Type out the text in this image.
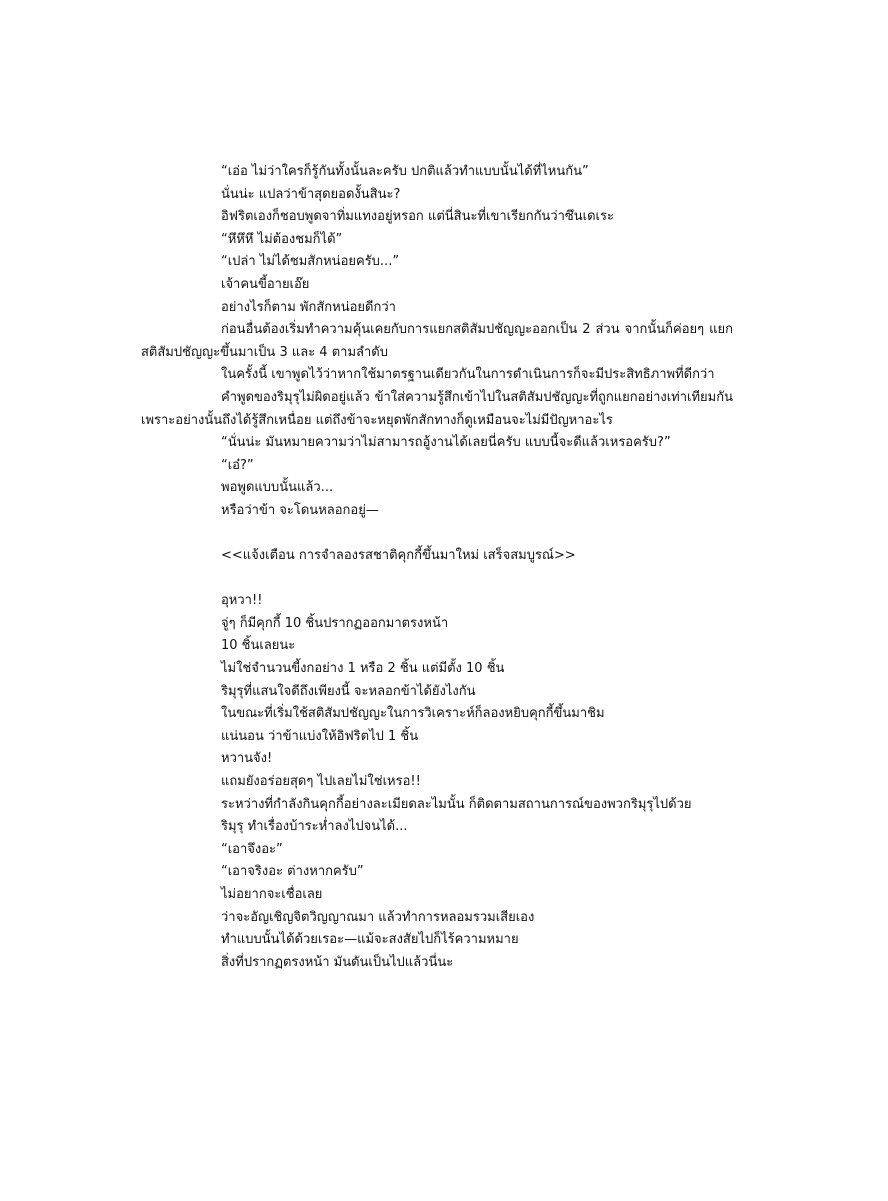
“เอ่อ ไม่ว่าใครก็รู้กันทั้งนั้นละครับ ปกติแล้วทำแบบนั้นได้ที่ไหนกัน”

นั่นน่ะ แปลว่าข้าสุดยอดงั้นสินะ?

อิฟริตเองก็ชอบพูดจาทิ่มแทงอยู่หรอก แต่นี่สินะที่เขาเรียกกันว่าซึนเดเระ

“หึหึหึ ไม่ต้องชมก็ได้”

“เปล่า ไม่ได้ชมสักหน่อยครับ...”

เจ้าคนขี้อายเอ๊ย

อย่างไรก็ตาม พักสักหน่อยดีกว่า

ก่อนอื่นต้องเริ่มทำความคุ้นเคยกับการแยกสติสัมปชัญญะออกเป็น 2 ส่วน จากนั้นก็ค่อยๆ แยกสติสัมปชัญญะขึ้นมาเป็น 3 และ 4 ตามลำดับ

ในครั้งนี้ เขาพูดไว้ว่าหากใช้มาตรฐานเดียวกันในการดำเนินการก็จะมีประสิทธิภาพที่ดีกว่า

คำพูดของริมุรุไม่ผิดอยู่แล้ว ข้าใส่ความรู้สึกเข้าไปในสติสัมปชัญญะที่ถูกแยกอย่างเท่าเทียมกัน เพราะอย่างนั้นถึงได้รู้สึกเหนื่อย แต่ถึงข้าจะหยุดพักสักทางก็ดูเหมือนจะไม่มีปัญหาอะไร

“นั่นน่ะ มันหมายความว่าไม่สามารถอู้งานได้เลยนี่ครับ แบบนี้จะดีแล้วเหรอครับ?”

“เอ๋?”

พอพูดแบบนั้นแล้ว...

หรือว่าข้า จะโดนหลอกอยู่—

<<แจ้งเตือน การจำลองรสชาติคุกกี้ขึ้นมาใหม่ เสร็จสมบูรณ์>>

อุหวา!!

จู่ๆ ก็มีคุกกี้ 10 ชิ้นปรากฏออกมาตรงหน้า

10 ชิ้นเลยนะ

ไม่ใช่จำนวนขี้งกอย่าง 1 หรือ 2 ชิ้น แต่มีตั้ง 10 ชิ้น

ริมุรุที่แสนใจดีถึงเพียงนี้ จะหลอกข้าได้ยังไงกัน

ในขณะที่เริ่มใช้สติสัมปชัญญะในการวิเคราะห์ก็ลองหยิบคุกกี้ขึ้นมาชิม

แน่นอน ว่าข้าแบ่งให้อิฟริตไป 1 ชิ้น

หวานจัง!

แถมยังอร่อยสุดๆ ไปเลยไม่ใช่เหรอ!!

ระหว่างที่กำลังกินคุกกี้อย่างละเมียดละไมนั้น ก็ติดตามสถานการณ์ของพวกริมุรุไปด้วย

ริมุรุ ทำเรื่องบ้าระห่ำลงไปจนได้...

“เอาจึงอะ”

“เอาจริงอะ ต่างหากครับ”

ไม่อยากจะเชื่อเลย

ว่าจะอัญเชิญจิตวิญญาณมา แล้วทำการหลอมรวมเสียเอง

ทำแบบนั้นได้ด้วยเรอะ—แม้จะสงสัยไปก็ไร้ความหมาย

สิ่งที่ปรากฏตรงหน้า มันดันเป็นไปแล้วนี่นะ
